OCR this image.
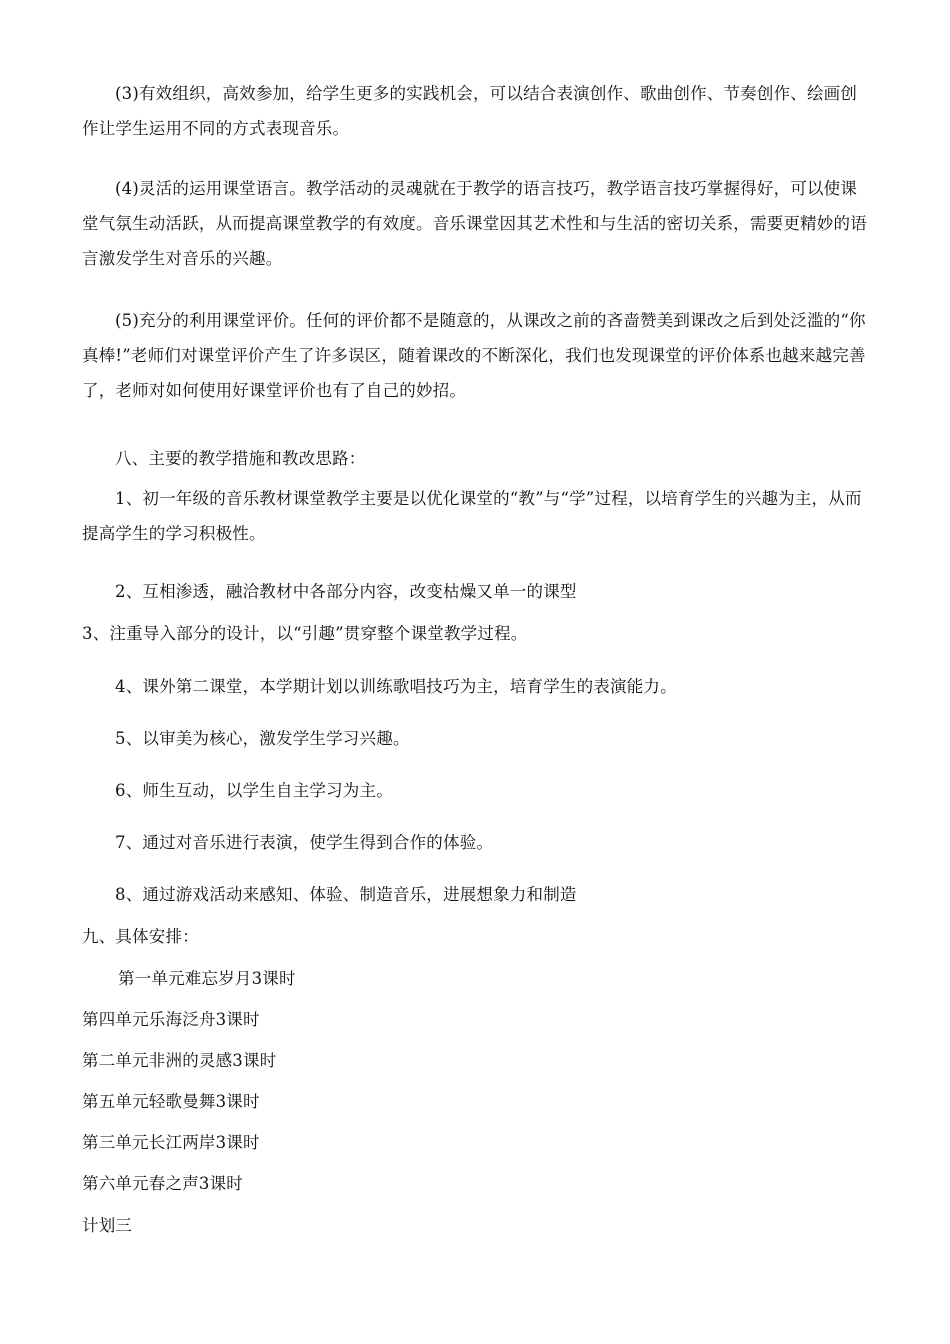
(3)有效组织，高效参加，给学生更多的实践机会，可以结合表演创作、歌曲创作、节奏创作、绘画创作让学生运用不同的方式表现音乐。

(4)灵活的运用课堂语言。教学活动的灵魂就在于教学的语言技巧，教学语言技巧掌握得好，可以使课堂气氛生动活跃，从而提高课堂教学的有效度。音乐课堂因其艺术性和与生活的密切关系，需要更精妙的语言激发学生对音乐的兴趣。

(5)充分的利用课堂评价。任何的评价都不是随意的，从课改之前的吝啬赞美到课改之后到处泛滥的“你真棒!”老师们对课堂评价产生了许多误区，随着课改的不断深化，我们也发现课堂的评价体系也越来越完善了，老师对如何使用好课堂评价也有了自己的妙招。

八、主要的教学措施和教改思路：

1、初一年级的音乐教材课堂教学主要是以优化课堂的“教”与“学”过程，以培育学生的兴趣为主，从而提高学生的学习积极性。

2、互相渗透，融洽教材中各部分内容，改变枯燥又单一的课型

3、注重导入部分的设计，以“引趣”贯穿整个课堂教学过程。

4、课外第二课堂，本学期计划以训练歌唱技巧为主，培育学生的表演能力。

5、以审美为核心，激发学生学习兴趣。

6、师生互动，以学生自主学习为主。

7、通过对音乐进行表演，使学生得到合作的体验。

8、通过游戏活动来感知、体验、制造音乐，进展想象力和制造

九、具体安排：

第一单元难忘岁月3课时

第四单元乐海泛舟3课时

第二单元非洲的灵感3课时

第五单元轻歌曼舞3课时

第三单元长江两岸3课时

第六单元春之声3课时

计划三
